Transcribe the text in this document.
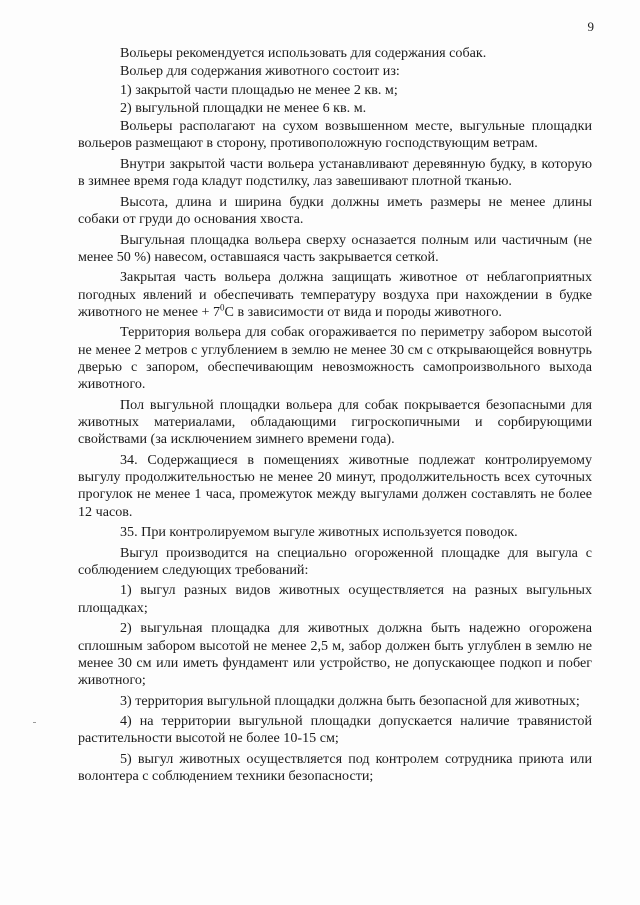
9

Вольеры рекомендуется использовать для содержания собак.

Вольер для содержания животного состоит из:

1) закрытой части площадью не менее 2 кв. м;

2) выгульной площадки не менее 6 кв. м.

Вольеры располагают на сухом возвышенном месте, выгульные площадки вольеров размещают в сторону, противоположную господствующим ветрам.

Внутри закрытой части вольера устанавливают деревянную будку, в которую в зимнее время года кладут подстилку, лаз завешивают плотной тканью.

Высота, длина и ширина будки должны иметь размеры не менее длины собаки от груди до основания хвоста.

Выгульная площадка вольера сверху осназается полным или частичным (не менее 50 %) навесом, оставшаяся часть закрывается сеткой.

Закрытая часть вольера должна защищать животное от неблагоприятных погодных явлений и обеспечивать температуру воздуха при нахождении в будке животного не менее + $7^0С$ в зависимости от вида и породы животного.

Территория вольера для собак огораживается по периметру забором высотой не менее 2 метров с углублением в землю не менее 30 см с открывающейся вовнутрь дверью с запором, обеспечивающим невозможность самопроизвольного выхода животного.

Пол выгульной площадки вольера для собак покрывается безопасными для животных материалами, обладающими гигроскопичными и сорбирующими свойствами (за исключением зимнего времени года).

34. Содержащиеся в помещениях животные подлежат контролируемому выгулу продолжительностью не менее 20 минут, продолжительность всех суточных прогулок не менее 1 часа, промежуток между выгулами должен составлять не более 12 часов.

35. При контролируемом выгуле животных используется поводок.

Выгул производится на специально огороженной площадке для выгула с соблюдением следующих требований:

1) выгул разных видов животных осуществляется на разных выгульных площадках;

2) выгульная площадка для животных должна быть надежно огорожена сплошным забором высотой не менее 2,5 м, забор должен быть углублен в землю не менее 30 см или иметь фундамент или устройство, не допускающее подкоп и побег животного;

3) территория выгульной площадки должна быть безопасной для животных;

4) на территории выгульной площадки допускается наличие травянистой растительности высотой не более 10-15 см;

5) выгул животных осуществляется под контролем сотрудника приюта или волонтера с соблюдением техники безопасности;
